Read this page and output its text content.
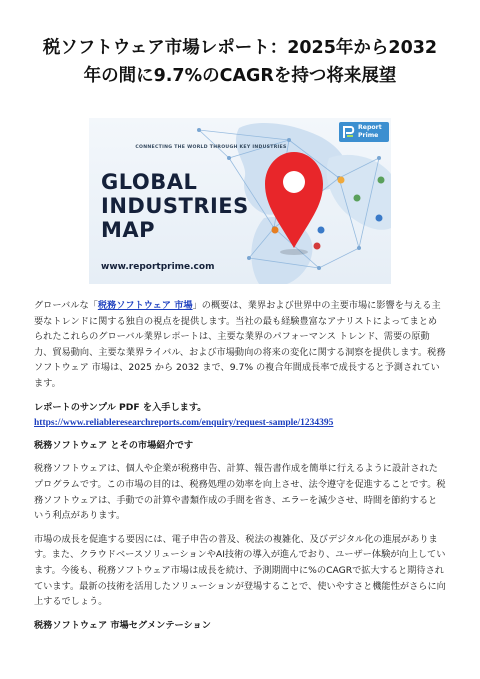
税ソフトウェア市場レポート：2025年から2032
年の間に9.7%のCAGRを持つ将来展望
CONNECTING THE WORLD THROUGH KEY INDUSTRIES
GLOBAL
INDUSTRIES
MAP
www.reportprime.com
Report
Prime

グローバルな「税務ソフトウェア 市場」の概要は、業界および世界中の主要市場に影響を与える主要なトレンドに関する独自の視点を提供します。当社の最も経験豊富なアナリストによってまとめられたこれらのグローバル業界レポートは、主要な業界のパフォーマンス トレンド、需要の原動力、貿易動向、主要な業界ライバル、および市場動向の将来の変化に関する洞察を提供します。税務ソフトウェア 市場は、2025 から 2032 まで、9.7% の複合年間成長率で成長すると予測されています。

レポートのサンプル PDF を入手します。

https://www.reliableresearchreports.com/enquiry/request-sample/1234395

税務ソフトウェア とその市場紹介です

税務ソフトウェアは、個人や企業が税務申告、計算、報告書作成を簡単に行えるように設計されたプログラムです。この市場の目的は、税務処理の効率を向上させ、法令遵守を促進することです。税務ソフトウェアは、手動での計算や書類作成の手間を省き、エラーを減少させ、時間を節約するという利点があります。

市場の成長を促進する要因には、電子申告の普及、税法の複雑化、及びデジタル化の進展があります。また、クラウドベースソリューションやAI技術の導入が進んでおり、ユーザー体験が向上しています。今後も、税務ソフトウェア市場は成長を続け、予測期間中に%のCAGRで拡大すると期待されています。最新の技術を活用したソリューションが登場することで、使いやすさと機能性がさらに向上するでしょう。

税務ソフトウェア 市場セグメンテーション
